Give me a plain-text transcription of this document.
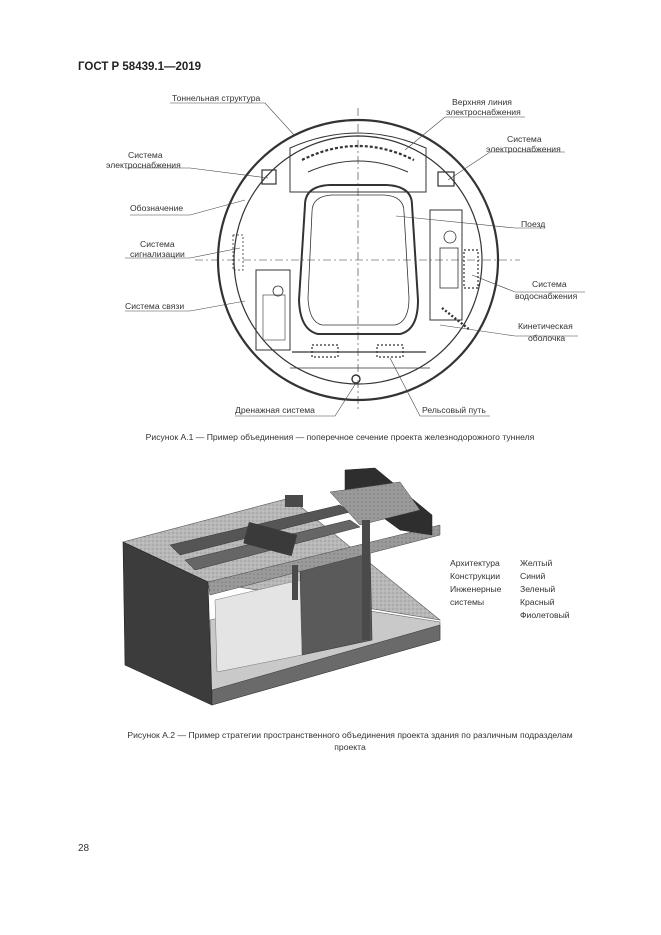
ГОСТ Р 58439.1—2019
Тоннельная структура	Верхняя линия
электроснабжения
Система
электроснабжения
Система
электроснабжения
Обозначение
Поезд
Система
сигнализации
Система
водоснабжения
Система связи
Кинетическая
оболочка
Дренажная система	Рельсовый путь
Рисунок А.1 — Пример объединения — поперечное сечение проекта железнодорожного туннеля
Архитектура
Конструкции
Инженерные
системы
Желтый
Синий
Зеленый
Красный
Фиолетовый
Рисунок А.2 — Пример стратегии пространственного объединения проекта здания по различным подразделам
проекта
28
